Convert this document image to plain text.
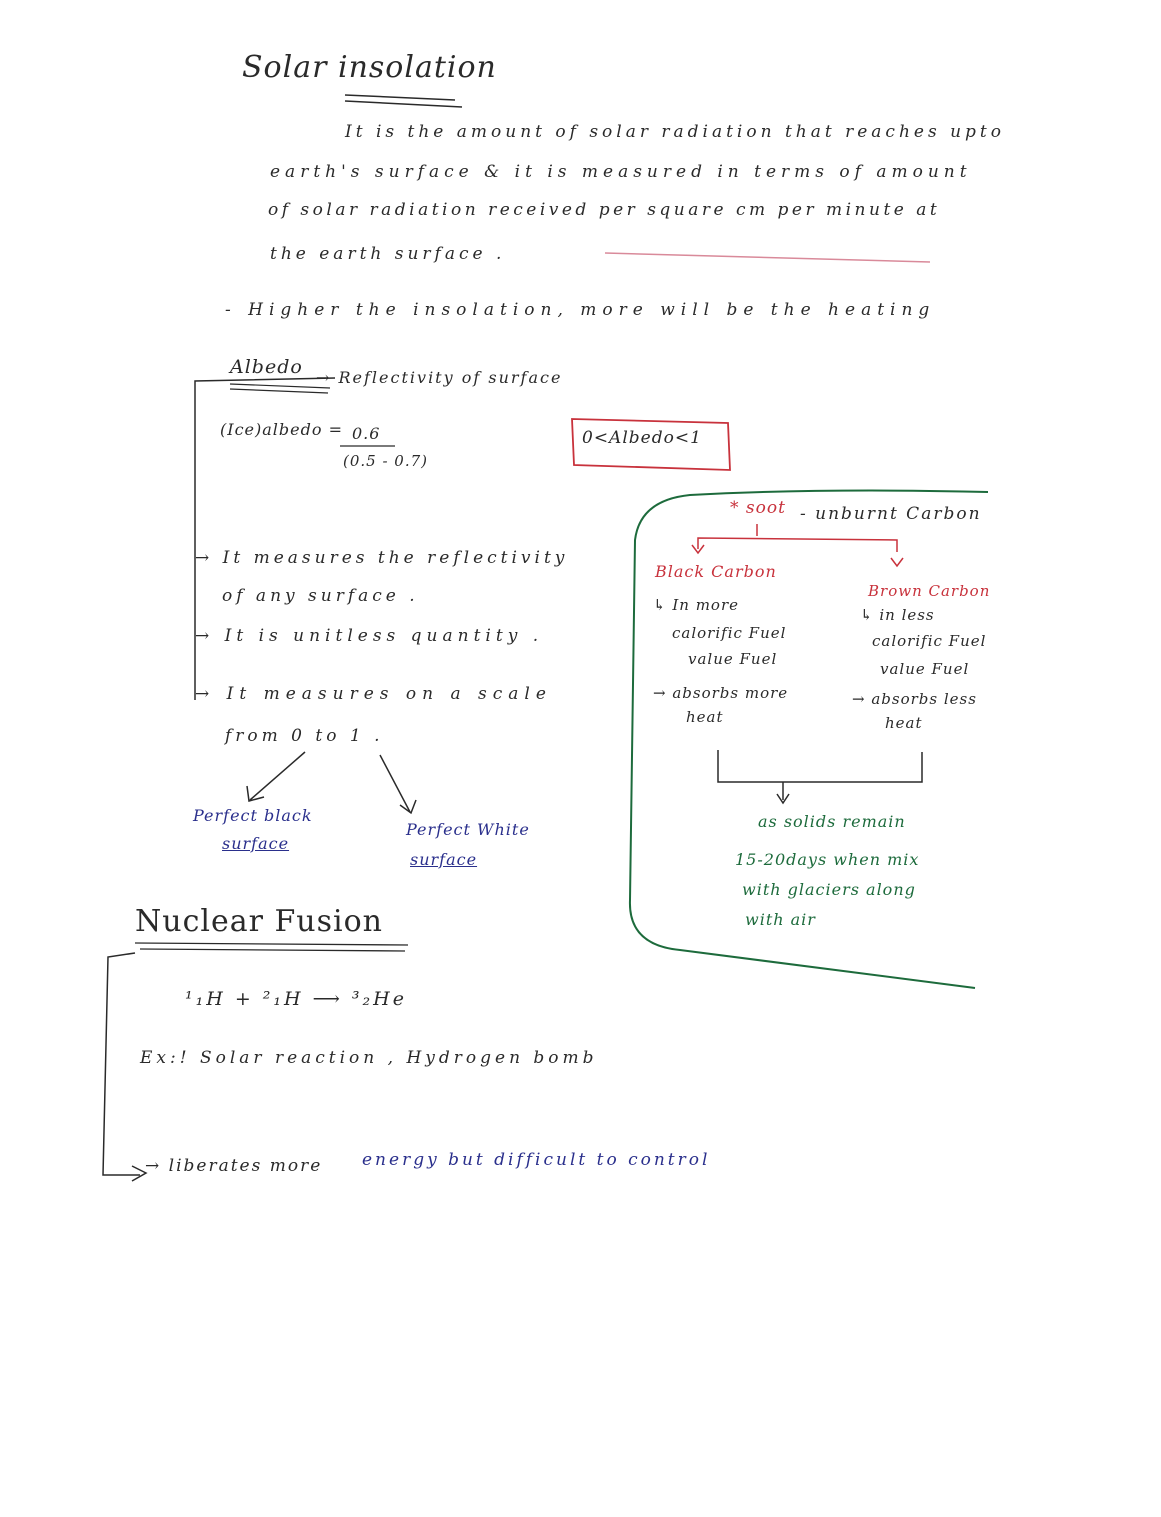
Solar insolation
It is the amount of solar radiation that reaches upto
earth's surface & it is measured in terms of amount
of solar radiation received per square cm per minute at
the earth surface .
- Higher the insolation, more will be the heating
Albedo → Reflectivity of surface
(Ice)albedo = 0.6
(0.5 - 0.7)
0<Albedo<1
→ It measures the reflectivity
of any surface .
→ It is unitless quantity .
→ It measures on a scale
from 0 to 1 .
Perfect black
surface
Perfect White
surface
* soot - unburnt Carbon
Black Carbon
↳ In more
calorific Fuel
value Fuel
→ absorbs more
heat
Brown Carbon
↳ in less
calorific Fuel
value Fuel
→ absorbs less
heat
as solids remain
15-20days when mix
with glaciers along
with air
Nuclear Fusion
¹₁H + ²₁H ⟶ ³₂He
Ex:! Solar reaction , Hydrogen bomb
→ liberates more energy but difficult to control
